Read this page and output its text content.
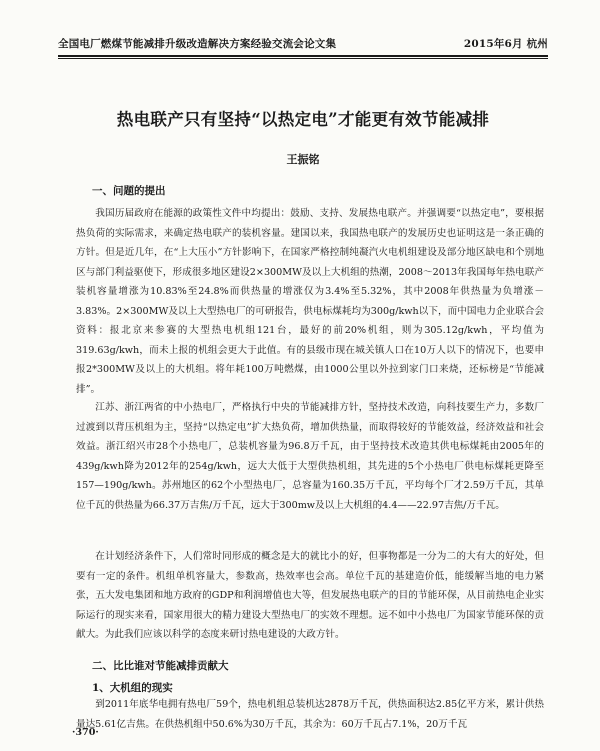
全国电厂燃煤节能减排升级改造解决方案经验交流会论文集	2015年6月 杭州
热电联产只有坚持“以热定电”才能更有效节能减排
王振铭
一、问题的提出

我国历届政府在能源的政策性文件中均提出：鼓励、支持、发展热电联产。并强调要“以热定电”，要根据热负荷的实际需求，来确定热电联产的装机容量。建国以来，我国热电联产的发展历史也证明这是一条正确的方针。但是近几年，在“上大压小”方针影响下，在国家严格控制纯凝汽火电机组建设及部分地区缺电和个别地区与部门利益驱使下，形成很多地区建设2×300MW及以上大机组的热潮，2008～2013年我国每年热电联产装机容量增涨为10.83%至24.8%而供热量的增涨仅为3.4%至5.32%，其中2008年供热量为负增涨－3.83%。2×300MW及以上大型热电厂的可研报告，供电标煤耗均为300g/kwh以下，而中国电力企业联合会资料：报北京来参赛的大型热电机组121台，最好的前20%机组，则为305.12g/kwh，平均值为319.63g/kwh，而未上报的机组会更大于此值。有的县级市现在城关镇人口在10万人以下的情况下，也要申报2*300MW及以上的大机组。将年耗100万吨燃煤，由1000公里以外拉到家门口来烧，还标榜是“节能减排”。

江苏、浙江两省的中小热电厂，严格执行中央的节能减排方针，坚持技术改造，向科技要生产力，多数厂过渡到以背压机组为主，坚持“以热定电”扩大热负荷，增加供热量，而取得较好的节能效益，经济效益和社会效益。浙江绍兴市28个小热电厂，总装机容量为96.8万千瓦，由于坚持技术改造其供电标煤耗由2005年的439g/kwh降为2012年的254g/kwh，远大大低于大型供热机组，其先进的5个小热电厂供电标煤耗更降至157—190g/kwh。苏州地区的62个小型热电厂，总容量为160.35万千瓦，平均每个厂才2.59万千瓦，其单位千瓦的供热量为66.37万吉焦/万千瓦，远大于300mw及以上大机组的4.4——22.97吉焦/万千瓦。

在计划经济条件下，人们常时同形成的概念是大的就比小的好，但事物都是一分为二的大有大的好处，但要有一定的条件。机组单机容量大，参数高，热效率也会高。单位千瓦的基建造价低，能缓解当地的电力紧张，五大发电集团和地方政府的GDP和利润增值也大等，但发展热电联产的目的节能环保，从目前热电企业实际运行的现实来看，国家用很大的精力建设大型热电厂的实效不理想。远不如中小热电厂为国家节能环保的贡献大。为此我们应该以科学的态度来研讨热电建设的大政方针。

二、比比谁对节能减排贡献大
1、大机组的现实

到2011年底华电拥有热电厂59个，热电机组总装机达2878万千瓦，供热面积达2.85亿平方米，累计供热量达5.61亿吉焦。在供热机组中50.6%为30万千瓦，其余为：60万千瓦占7.1%，20万千瓦

·370·
